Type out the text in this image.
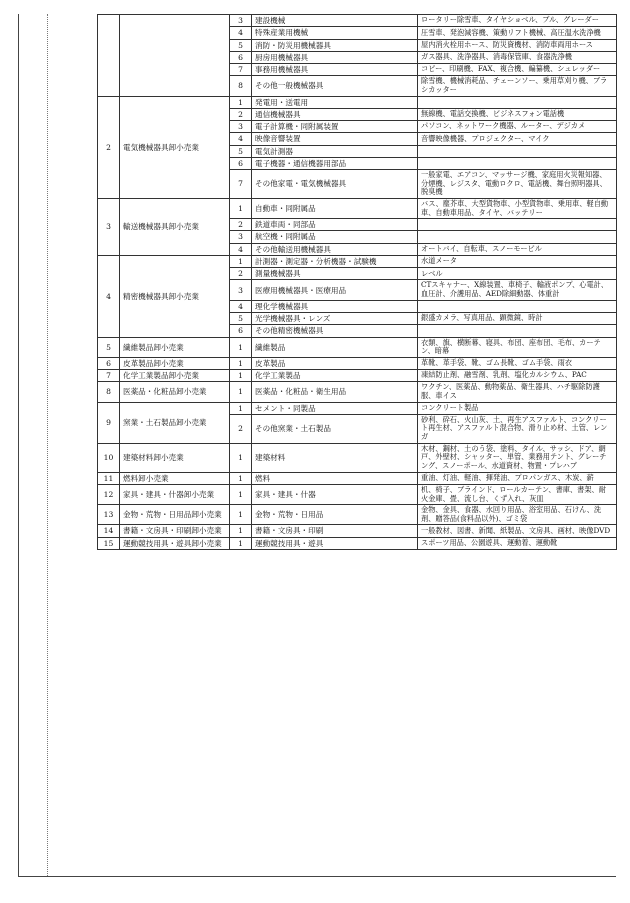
		3	建設機械	ロータリー除雪車、タイヤショベル、ブル、グレーダー
		4	特殊産業用機械	圧雪車、発泡減容機、策動リフト機械、高圧温水洗浄機
		5	消防・防災用機械器具	屋内消火栓用ホース、防災資機材、消防車両用ホース
		6	厨房用機械器具	ガス器具、洗浄器具、消毒保管庫、食器洗浄機
		7	事務用機械器具	コピー、印刷機、FAX、複合機、編纂機、シュレッダー
		8	その他一般機械器具	除雪機、機械消耗品、チェーンソー、乗用草刈り機、ブラシカッター
2	電気機械器具卸小売業	1	発電用・送電用	
		2	通信機械器具	無線機、電話交換機、ビジネスフォン電話機
		3	電子計算機・同附属装置	パソコン、ネットワーク機器、ルーター、デジカメ
		4	映像音響装置	音響映像機器、プロジェクター、マイク
		5	電気計測器	
		6	電子機器・通信機器用部品	
		7	その他家電・電気機械器具	一般家電、エアコン、マッサージ機、家庭用火災報知器、分煙機、レジスタ、電動ロクロ、電話機、舞台照明器具、脱臭機
3	輸送機械器具卸小売業	1	自動車・同附属品	バス、塵芥車、大型貨物車、小型貨物車、乗用車、軽自動車、自動車用品、タイヤ、バッテリー
		2	鉄道車両・同部品	
		3	航空機・同附属品	
		4	その他輸送用機械器具	オートバイ、自転車、スノーモービル
4	精密機械器具卸小売業	1	計測器・測定器・分析機器・試験機	水道メータ
		2	測量機械器具	レベル
		3	医療用機械器具・医療用品	CTスキャナー、X線装置、車椅子、輸液ポンプ、心電計、血圧計、介護用品、AED除細動器、体重計
		4	理化学機械器具	
		5	光学機械器具・レンズ	銀盛カメラ、写真用品、顕微鏡、時計
		6	その他精密機械器具	
5	繊維製品卸小売業	1	繊維製品	衣類、旗、横断幕、寝具、布団、座布団、毛布、カーテン、暗幕
6	皮革製品卸小売業	1	皮革製品	革靴、革手袋、靴、ゴム長靴、ゴム手袋、雨衣
7	化学工業製品卸小売業	1	化学工業製品	凍結防止剤、融雪剤、乳剤、塩化カルシウム、PAC
8	医薬品・化粧品卸小売業	1	医薬品・化粧品・衛生用品	ワクチン、医薬品、動物薬品、衛生器具、ハチ駆除防護服、車イス
9	窯業・土石製品卸小売業	1	セメント・同製品	コンクリート製品
		2	その他窯業・土石製品	砂利、砕石、火山灰、土、再生アスファルト、コンクリート再生材、アスファルト混合物、滑り止め材、土管、レンガ
10	建築材料卸小売業	1	建築材料	木材、鋼材、土のう袋、塗料、タイル、サッシ、ドア、網戸、外壁材、シャッター、単管、業務用テント、グレーチング、スノーポール、水道資材、物置・プレハブ
11	燃料卸小売業	1	燃料	重油、灯油、軽油、揮発油、プロパンガス、木炭、薪
12	家具・建具・什器卸小売業	1	家具・建具・什器	机、椅子、ブラインド、ロールカーテン、書庫、書架、耐火金庫、畳、流し台、くず入れ、灰皿
13	金物・荒物・日用品卸小売業	1	金物・荒物・日用品	金物、金具、食器、水回り用品、浴室用品、石けん、洗剤、贈答品(食料品以外)、ゴミ袋
14	書籍・文房具・印刷卸小売業	1	書籍・文房具・印刷	一般教材、図書、新聞、紙製品、文房具、画材、映像DVD
15	運動競技用具・遊具卸小売業	1	運動競技用具・遊具	スポーツ用品、公園遊具、運動着、運動靴
